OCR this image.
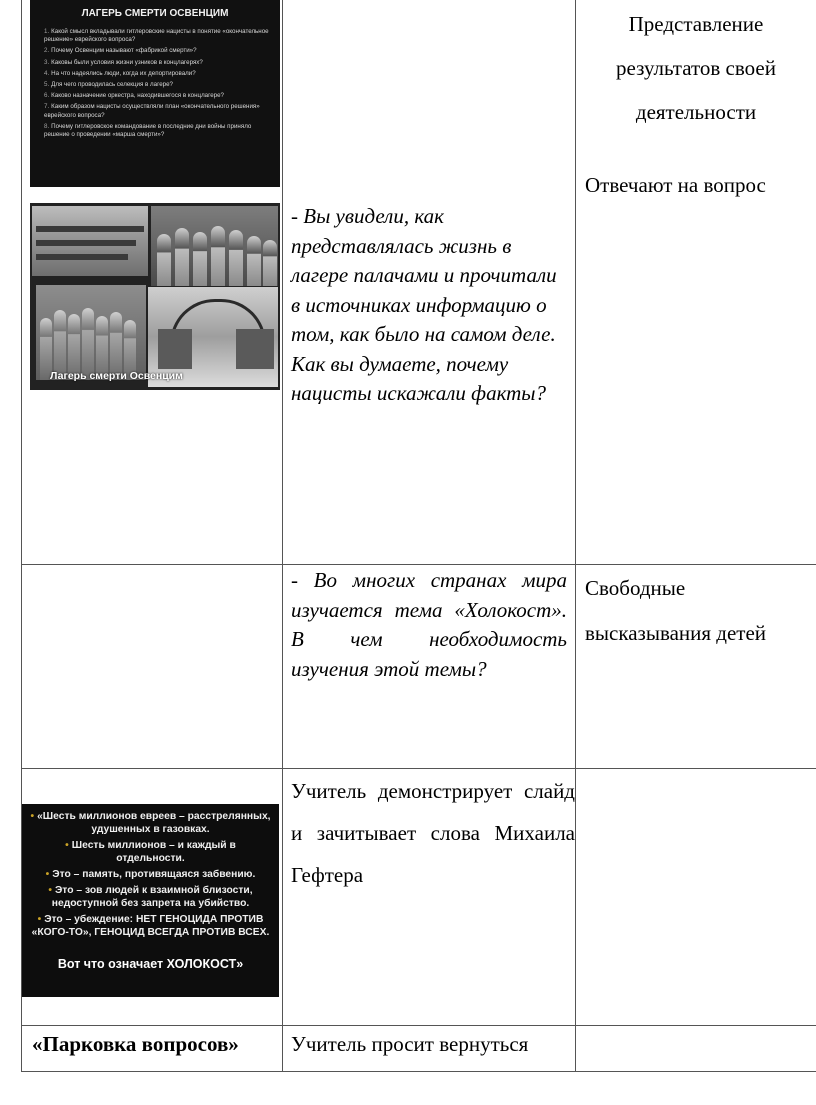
ЛАГЕРЬ СМЕРТИ ОСВЕНЦИМ
1. Какой смысл вкладывали гитлеровские нацисты в понятие «окончательное решение» еврейского вопроса?
2. Почему Освенцим называют «фабрикой смерти»?
3. Каковы были условия жизни узников в концлагерях?
4. На что надеялись люди, когда их депортировали?
5. Для чего проводилась селекция в лагере?
6. Каково назначение оркестра, находившегося в концлагере?
7. Каким образом нацисты осуществляли план «окончательного решения» еврейского вопроса?
8. Почему гитлеровское командование в последние дни войны приняло решение о проведении «марша смерти»?
Лагерь смерти Освенцим
- Вы увидели, как представлялась жизнь в лагере палачами и прочитали в источниках информацию о том, как было на самом деле. Как вы думаете, почему нацисты искажали факты?
Представление результатов своей деятельности
Отвечают на вопрос
- Во многих странах мира изучается тема «Холокост». В чем необходимость изучения этой темы?
Свободные высказывания детей
• «Шесть миллионов евреев – расстрелянных, удушенных в газовках.
• Шесть миллионов – и каждый в отдельности.
• Это – память, противящаяся забвению.
• Это – зов людей к взаимной близости, недоступной без запрета на убийство.
• Это – убеждение: НЕТ ГЕНОЦИДА ПРОТИВ «КОГО-ТО», ГЕНОЦИД ВСЕГДА ПРОТИВ ВСЕХ.
Вот что означает ХОЛОКОСТ»
Учитель демонстрирует слайд и зачитывает слова Михаила Гефтера
«Парковка вопросов»	Учитель просит вернуться
